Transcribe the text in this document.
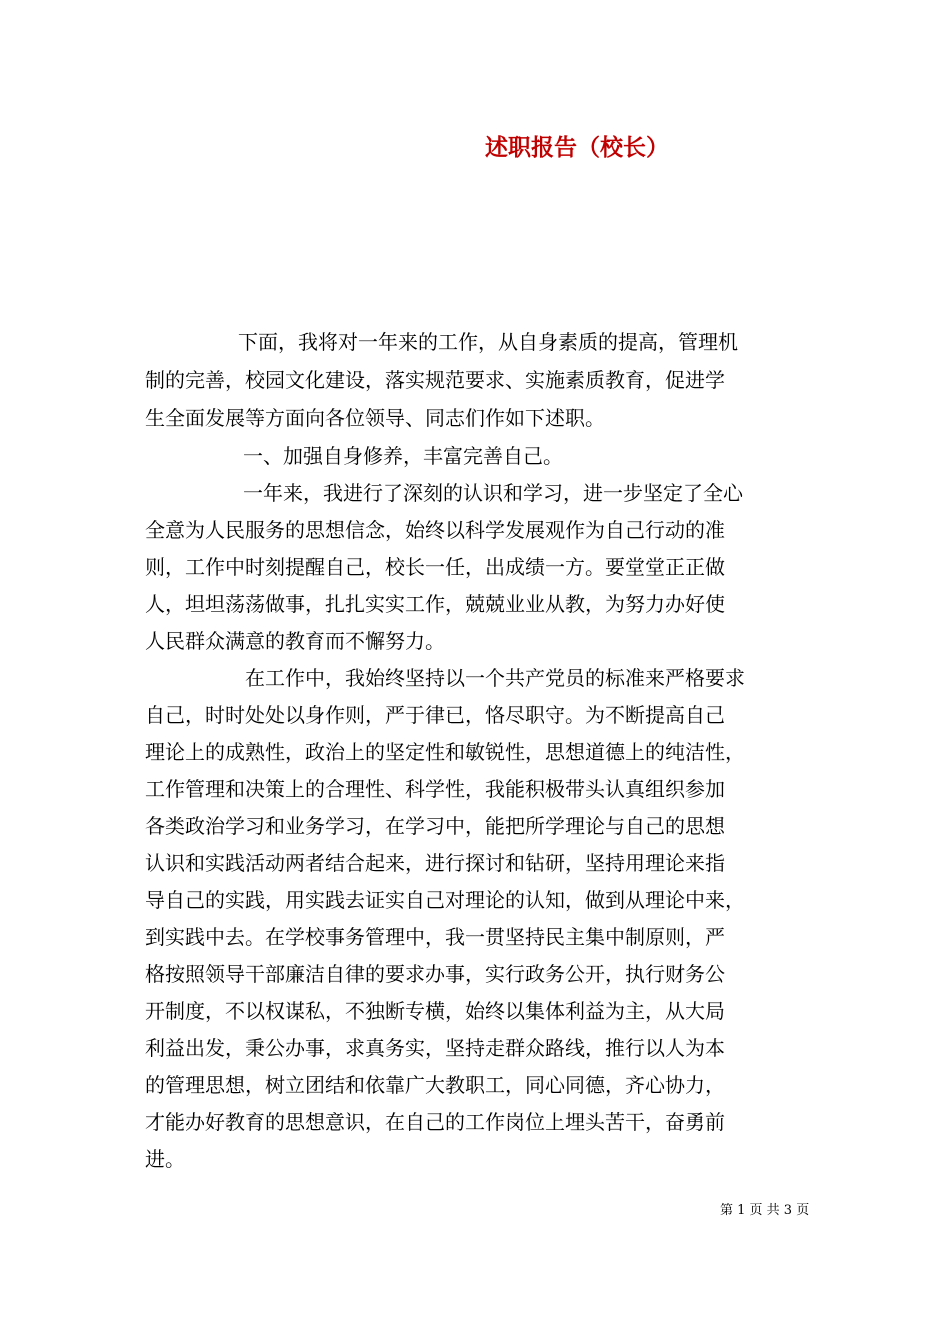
述职报告（校长）
下面，我将对一年来的工作，从自身素质的提高，管理机
制的完善，校园文化建设，落实规范要求、实施素质教育，促进学
生全面发展等方面向各位领导、同志们作如下述职。
一、加强自身修养，丰富完善自己。
一年来，我进行了深刻的认识和学习，进一步坚定了全心
全意为人民服务的思想信念，始终以科学发展观作为自己行动的准
则，工作中时刻提醒自己，校长一任，出成绩一方。要堂堂正正做
人，坦坦荡荡做事，扎扎实实工作，兢兢业业从教，为努力办好使
人民群众满意的教育而不懈努力。
在工作中，我始终坚持以一个共产党员的标准来严格要求
自己，时时处处以身作则，严于律已，恪尽职守。为不断提高自己
理论上的成熟性，政治上的坚定性和敏锐性，思想道德上的纯洁性，
工作管理和决策上的合理性、科学性，我能积极带头认真组织参加
各类政治学习和业务学习，在学习中，能把所学理论与自己的思想
认识和实践活动两者结合起来，进行探讨和钻研，坚持用理论来指
导自己的实践，用实践去证实自己对理论的认知，做到从理论中来，
到实践中去。在学校事务管理中，我一贯坚持民主集中制原则，严
格按照领导干部廉洁自律的要求办事，实行政务公开，执行财务公
开制度，不以权谋私，不独断专横，始终以集体利益为主，从大局
利益出发，秉公办事，求真务实，坚持走群众路线，推行以人为本
的管理思想，树立团结和依靠广大教职工，同心同德，齐心协力，
才能办好教育的思想意识，在自己的工作岗位上埋头苦干，奋勇前
进。
第 1 页 共 3 页
